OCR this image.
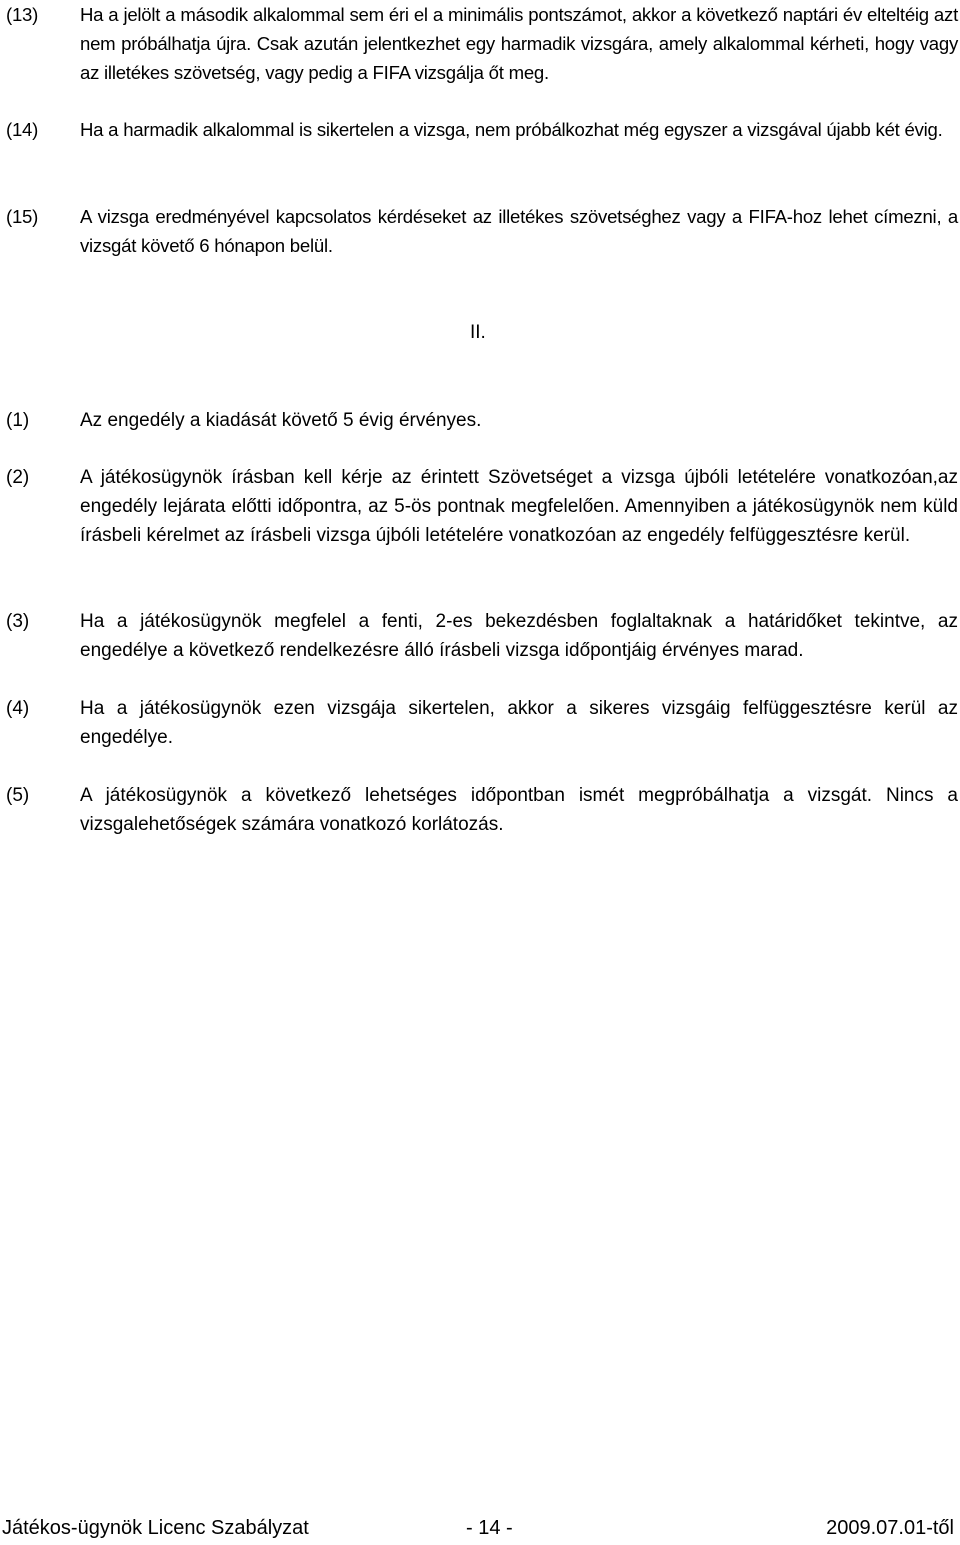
(13)	Ha a jelölt a második alkalommal sem éri el a minimális pontszámot, akkor a következő naptári év elteltéig azt nem próbálhatja újra. Csak azután jelentkezhet egy harmadik vizsgára, amely alkalommal kérheti, hogy vagy az illetékes szövetség, vagy pedig a FIFA vizsgálja őt meg.
(14)	Ha a harmadik alkalommal is sikertelen a vizsga, nem próbálkozhat még egyszer a vizsgával újabb két évig.
(15)	A vizsga eredményével kapcsolatos kérdéseket az illetékes szövetséghez vagy a FIFA-hoz lehet címezni, a vizsgát követő 6 hónapon belül.
II.
(1)	Az engedély a kiadását követő 5 évig érvényes.
(2)	A játékosügynök írásban kell kérje az érintett Szövetséget a vizsga újbóli letételére vonatkozóan,az engedély lejárata előtti időpontra, az 5-ös pontnak megfelelően. Amennyiben a játékosügynök nem küld írásbeli kérelmet az írásbeli vizsga újbóli letételére vonatkozóan az engedély felfüggesztésre kerül.
(3)	Ha a játékosügynök megfelel a fenti, 2-es bekezdésben foglaltaknak a határidőket tekintve, az engedélye a következő rendelkezésre álló írásbeli vizsga időpontjáig érvényes marad.
(4)	Ha a játékosügynök ezen vizsgája sikertelen, akkor a sikeres vizsgáig felfüggesztésre kerül az engedélye.
(5)	A játékosügynök a következő lehetséges időpontban ismét megpróbálhatja a vizsgát. Nincs a vizsgalehetőségek számára vonatkozó korlátozás.
Játékos-ügynök Licenc Szabályzat	- 14 -	2009.07.01-től
